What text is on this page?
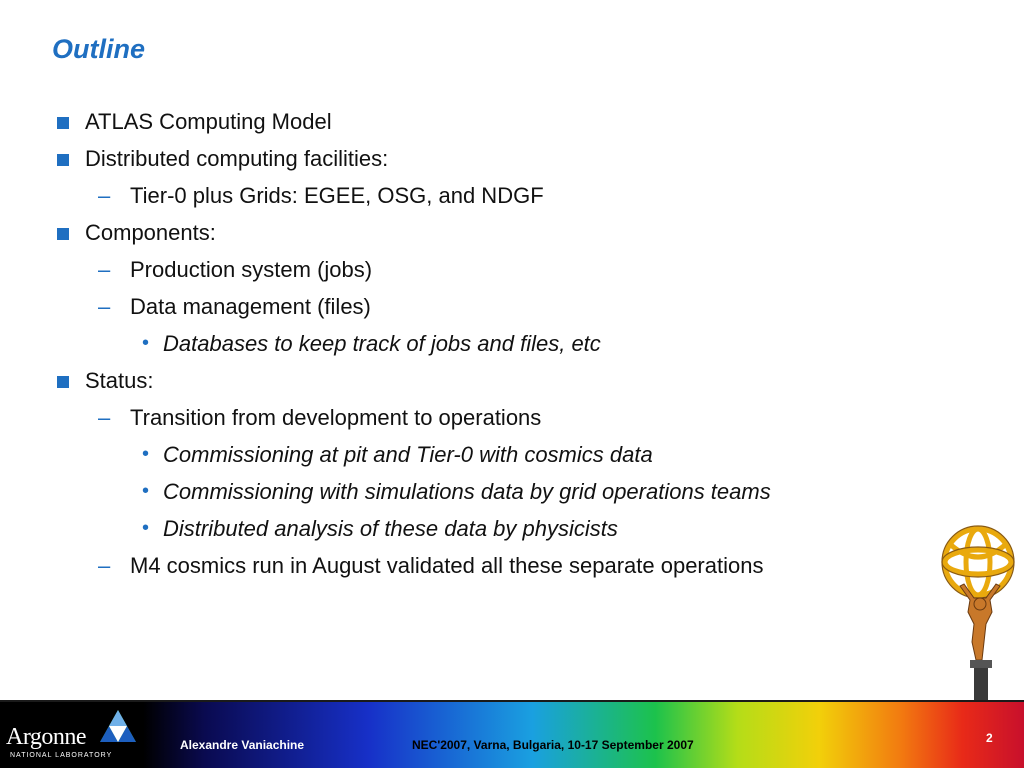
Outline
ATLAS Computing Model
Distributed computing facilities:
– Tier-0 plus Grids: EGEE, OSG, and NDGF
Components:
– Production system (jobs)
– Data management (files)
• Databases to keep track of jobs and files, etc
Status:
– Transition from development to operations
• Commissioning at pit and Tier-0 with cosmics data
• Commissioning with simulations data by grid operations teams
• Distributed analysis of these data by physicists
– M4 cosmics run in August validated all these separate operations
Argonne
NATIONAL LABORATORY
Alexandre Vaniachine	NEC'2007, Varna, Bulgaria, 10-17 September 2007	2
